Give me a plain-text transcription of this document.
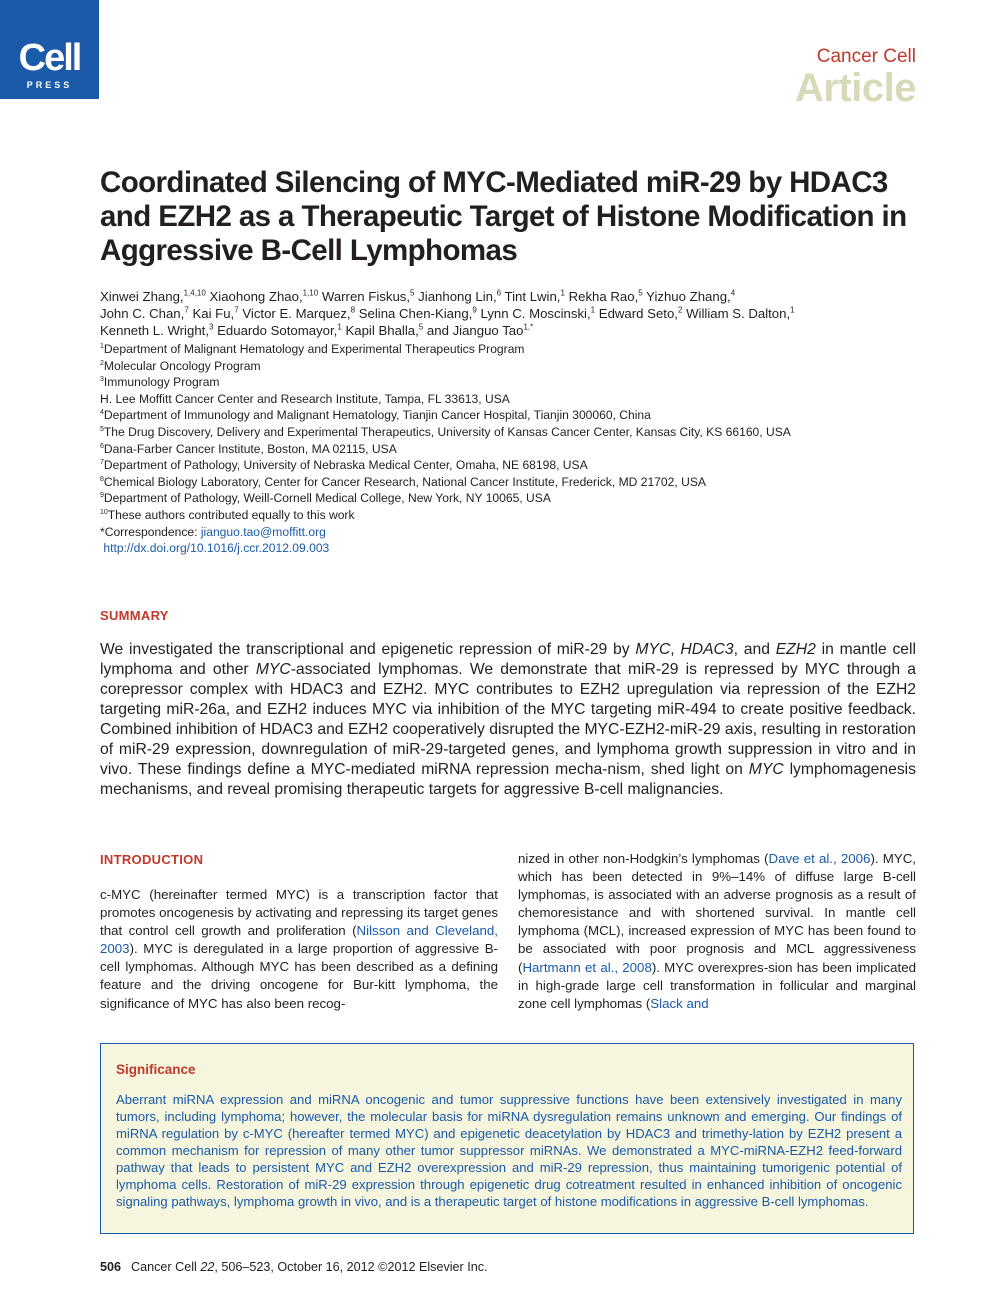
Cell
PRESS
Cancer Cell
Article
Coordinated Silencing of MYC-Mediated miR-29 by HDAC3 and EZH2 as a Therapeutic Target of Histone Modification in Aggressive B-Cell Lymphomas
Xinwei Zhang,$^{1,4,10}$ Xiaohong Zhao,$^{1,10}$ Warren Fiskus,$^5$ Jianhong Lin,$^6$ Tint Lwin,$^1$ Rekha Rao,$^5$ Yizhuo Zhang,$^4$
John C. Chan,$^7$ Kai Fu,$^7$ Victor E. Marquez,$^8$ Selina Chen-Kiang,$^9$ Lynn C. Moscinski,$^1$ Edward Seto,$^2$ William S. Dalton,$^1$
Kenneth L. Wright,$^3$ Eduardo Sotomayor,$^1$ Kapil Bhalla,$^5$ and Jianguo Tao$^{1,*}$
$^1$Department of Malignant Hematology and Experimental Therapeutics Program
$^2$Molecular Oncology Program
$^3$Immunology Program
H. Lee Moffitt Cancer Center and Research Institute, Tampa, FL 33613, USA
$^4$Department of Immunology and Malignant Hematology, Tianjin Cancer Hospital, Tianjin 300060, China
$^5$The Drug Discovery, Delivery and Experimental Therapeutics, University of Kansas Cancer Center, Kansas City, KS 66160, USA
$^6$Dana-Farber Cancer Institute, Boston, MA 02115, USA
$^7$Department of Pathology, University of Nebraska Medical Center, Omaha, NE 68198, USA
$^8$Chemical Biology Laboratory, Center for Cancer Research, National Cancer Institute, Frederick, MD 21702, USA
$^9$Department of Pathology, Weill-Cornell Medical College, New York, NY 10065, USA
$^{10}$These authors contributed equally to this work
*Correspondence: jianguo.tao@moffitt.org
http://dx.doi.org/10.1016/j.ccr.2012.09.003
SUMMARY

We investigated the transcriptional and epigenetic repression of miR-29 by MYC, HDAC3, and EZH2 in mantle cell lymphoma and other MYC-associated lymphomas. We demonstrate that miR-29 is repressed by MYC through a corepressor complex with HDAC3 and EZH2. MYC contributes to EZH2 upregulation via repression of the EZH2 targeting miR-26a, and EZH2 induces MYC via inhibition of the MYC targeting miR-494 to create positive feedback. Combined inhibition of HDAC3 and EZH2 cooperatively disrupted the MYC-EZH2-miR-29 axis, resulting in restoration of miR-29 expression, downregulation of miR-29-targeted genes, and lymphoma growth suppression in vitro and in vivo. These findings define a MYC-mediated miRNA repression mecha-nism, shed light on MYC lymphomagenesis mechanisms, and reveal promising therapeutic targets for aggressive B-cell malignancies.

INTRODUCTION

c-MYC (hereinafter termed MYC) is a transcription factor that promotes oncogenesis by activating and repressing its target genes that control cell growth and proliferation (Nilsson and Cleveland, 2003). MYC is deregulated in a large proportion of aggressive B-cell lymphomas. Although MYC has been described as a defining feature and the driving oncogene for Bur-kitt lymphoma, the significance of MYC has also been recog-

nized in other non-Hodgkin’s lymphomas (Dave et al., 2006). MYC, which has been detected in 9%–14% of diffuse large B-cell lymphomas, is associated with an adverse prognosis as a result of chemoresistance and with shortened survival. In mantle cell lymphoma (MCL), increased expression of MYC has been found to be associated with poor prognosis and MCL aggressiveness (Hartmann et al., 2008). MYC overexpres-sion has been implicated in high-grade large cell transformation in follicular and marginal zone cell lymphomas (Slack and

Significance

Aberrant miRNA expression and miRNA oncogenic and tumor suppressive functions have been extensively investigated in many tumors, including lymphoma; however, the molecular basis for miRNA dysregulation remains unknown and emerging. Our findings of miRNA regulation by c-MYC (hereafter termed MYC) and epigenetic deacetylation by HDAC3 and trimethy-lation by EZH2 present a common mechanism for repression of many other tumor suppressor miRNAs. We demonstrated a MYC-miRNA-EZH2 feed-forward pathway that leads to persistent MYC and EZH2 overexpression and miR-29 repression, thus maintaining tumorigenic potential of lymphoma cells. Restoration of miR-29 expression through epigenetic drug cotreatment resulted in enhanced inhibition of oncogenic signaling pathways, lymphoma growth in vivo, and is a therapeutic target of histone modifications in aggressive B-cell lymphomas.

506 Cancer Cell 22, 506–523, October 16, 2012 ©2012 Elsevier Inc.
